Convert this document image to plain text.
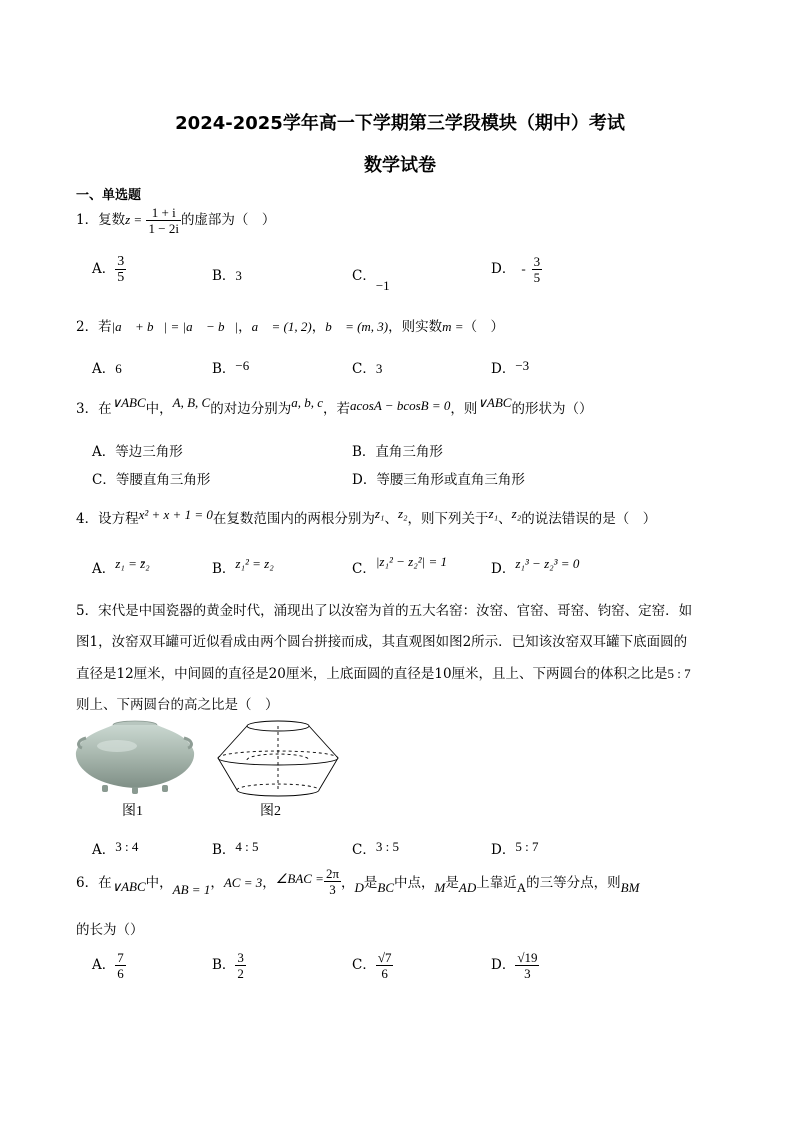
2024-2025学年高一下学期第三学段模块（期中）考试
数学试卷
一、单选题
1．复数$z = \frac{1 + i}{1 - 2i}$ 的虚部为（　）
A． $\frac{3}{5}$	B．3	C．−1
D． - $\frac{3}{5}$
2．若|a⃗ + b⃗| = |a⃗ − b⃗|，a⃗ = (1, 2)，b⃗ = (m, 3)，则实数m =（　）
A．6	B．−6	C．3	D．−3
3．在∨ABC中，A, B, C的对边分别为a, b, c，若acosA − bcosB = 0，则∨ABC的形状为（）
A．等边三角形	B．直角三角形
C．等腰直角三角形	D．等腰三角形或直角三角形
4．设方程x² + x + 1 = 0在复数范围内的两根分别为z₁、z₂，则下列关于z₁、z₂的说法错误的是（　）
A．z₁ = z̄₂	B．z₁² = z₂	C．|z₁² − z₂²| = 1	D．z₁³ − z₂³ = 0
5．宋代是中国瓷器的黄金时代，涌现出了以汝窑为首的五大名窑：汝窑、官窑、哥窑、钧窑、定窑．如
图1，汝窑双耳罐可近似看成由两个圆台拼接而成，其直观图如图2所示．已知该汝窑双耳罐下底面圆的
直径是12厘米，中间圆的直径是20厘米，上底面圆的直径是10厘米，且上、下两圆台的体积之比是5 : 7
则上、下两圆台的高之比是（　）
图1	图2
A．3 : 4	B．4 : 5	C．3 : 5	D．5 : 7
6．在∨ABC中，AB = 1，AC = 3，∠BAC = $\frac{2\pi}{3}$ ，D是BC中点，M是AD上靠近A的三等分点，则BM
的长为（）
A． $\frac{7}{6}$	B． $\frac{3}{2}$	C． $\frac{√7}{6}$	D． $\frac{√19}{3}$
